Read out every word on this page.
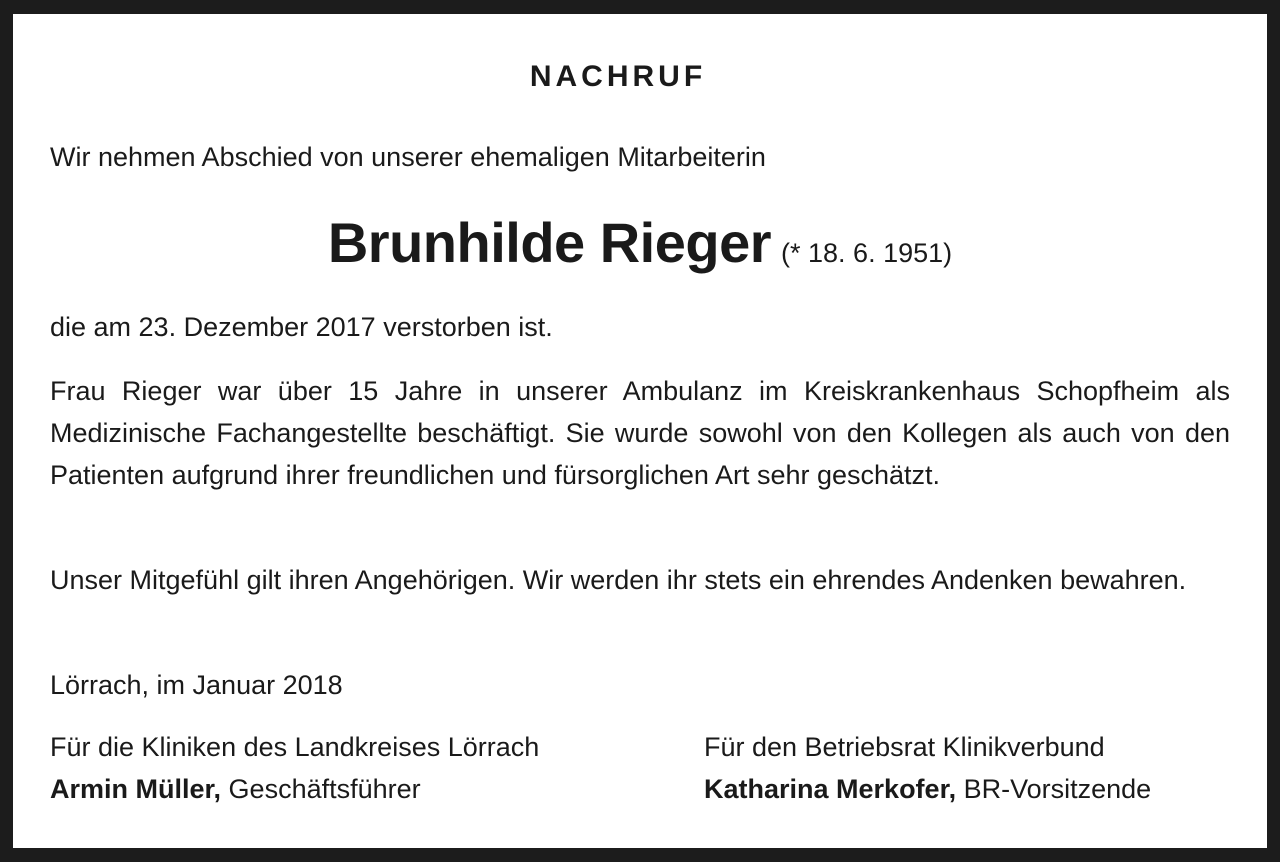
NACHRUF
Wir nehmen Abschied von unserer ehemaligen Mitarbeiterin
Brunhilde Rieger (* 18. 6. 1951)
die am 23. Dezember 2017 verstorben ist.

Frau Rieger war über 15 Jahre in unserer Ambulanz im Kreiskrankenhaus Schopfheim als Medizinische Fachangestellte beschäftigt. Sie wurde sowohl von den Kollegen als auch von den Patienten aufgrund ihrer freundlichen und fürsorglichen Art sehr geschätzt.

Unser Mitgefühl gilt ihren Angehörigen. Wir werden ihr stets ein ehrendes Andenken bewahren.

Lörrach, im Januar 2018
Für die Kliniken des Landkreises Lörrach
Armin Müller, Geschäftsführer
Für den Betriebsrat Klinikverbund
Katharina Merkofer, BR-Vorsitzende
